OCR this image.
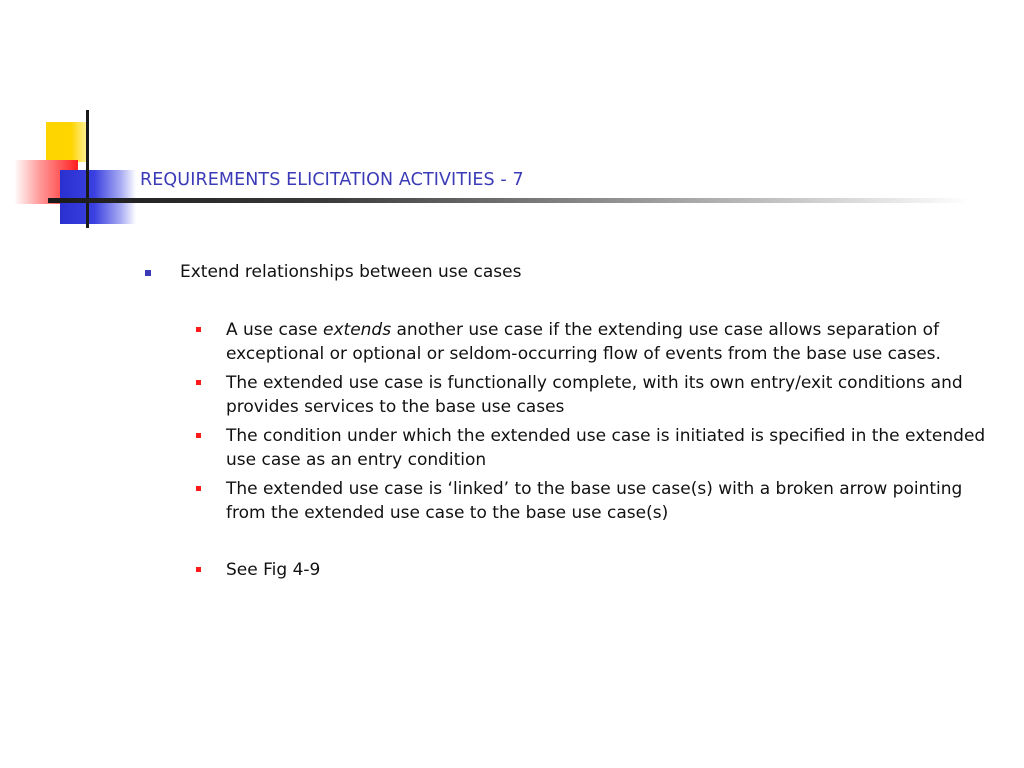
REQUIREMENTS ELICITATION ACTIVITIES - 7
Extend relationships between use cases
A use case extends another use case if the extending use case allows separation of exceptional or optional or seldom-occurring flow of events from the base use cases.
The extended use case is functionally complete, with its own entry/exit conditions and provides services to the base use cases
The condition under which the extended use case is initiated is specified in the extended use case as an entry condition
The extended use case is ‘linked’ to the base use case(s) with a broken arrow pointing from the extended use case to the base use case(s)
See Fig 4-9
